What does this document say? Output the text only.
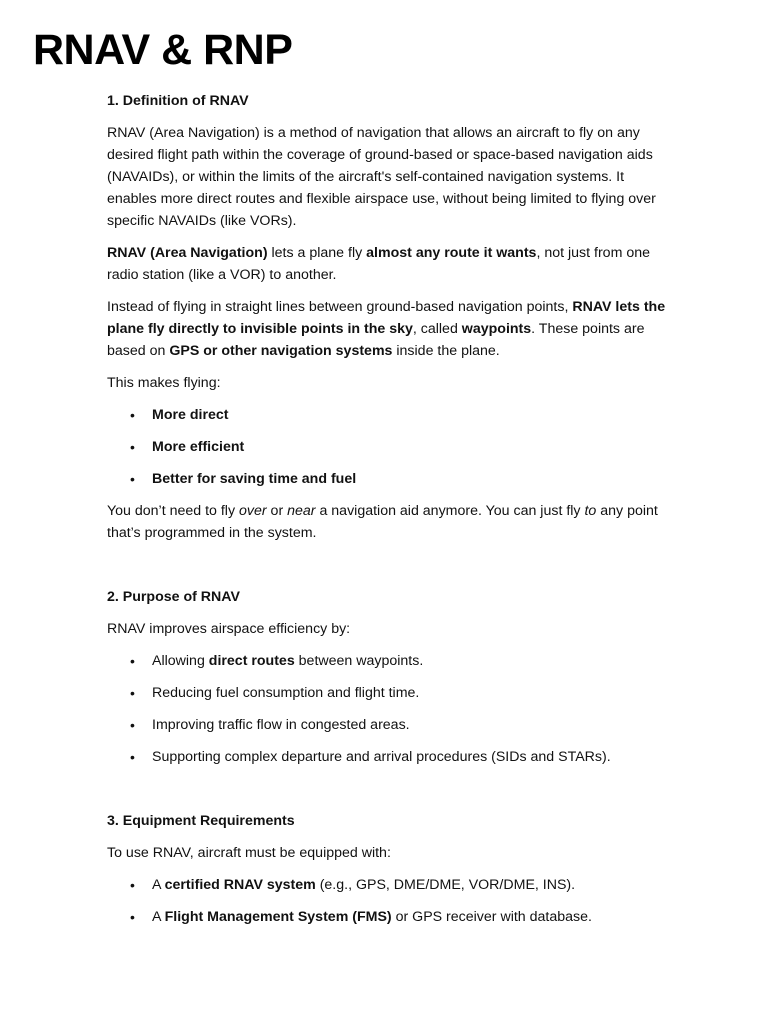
RNAV & RNP

1. Definition of RNAV

RNAV (Area Navigation) is a method of navigation that allows an aircraft to fly on any desired flight path within the coverage of ground-based or space-based navigation aids (NAVAIDs), or within the limits of the aircraft's self-contained navigation systems. It enables more direct routes and flexible airspace use, without being limited to flying over specific NAVAIDs (like VORs).

RNAV (Area Navigation) lets a plane fly almost any route it wants, not just from one radio station (like a VOR) to another.

Instead of flying in straight lines between ground-based navigation points, RNAV lets the plane fly directly to invisible points in the sky, called waypoints. These points are based on GPS or other navigation systems inside the plane.

This makes flying:

• More direct
• More efficient
• Better for saving time and fuel

You don’t need to fly over or near a navigation aid anymore. You can just fly to any point that’s programmed in the system.

2. Purpose of RNAV

RNAV improves airspace efficiency by:

• Allowing direct routes between waypoints.
• Reducing fuel consumption and flight time.
• Improving traffic flow in congested areas.
• Supporting complex departure and arrival procedures (SIDs and STARs).

3. Equipment Requirements

To use RNAV, aircraft must be equipped with:

• A certified RNAV system (e.g., GPS, DME/DME, VOR/DME, INS).
• A Flight Management System (FMS) or GPS receiver with database.
